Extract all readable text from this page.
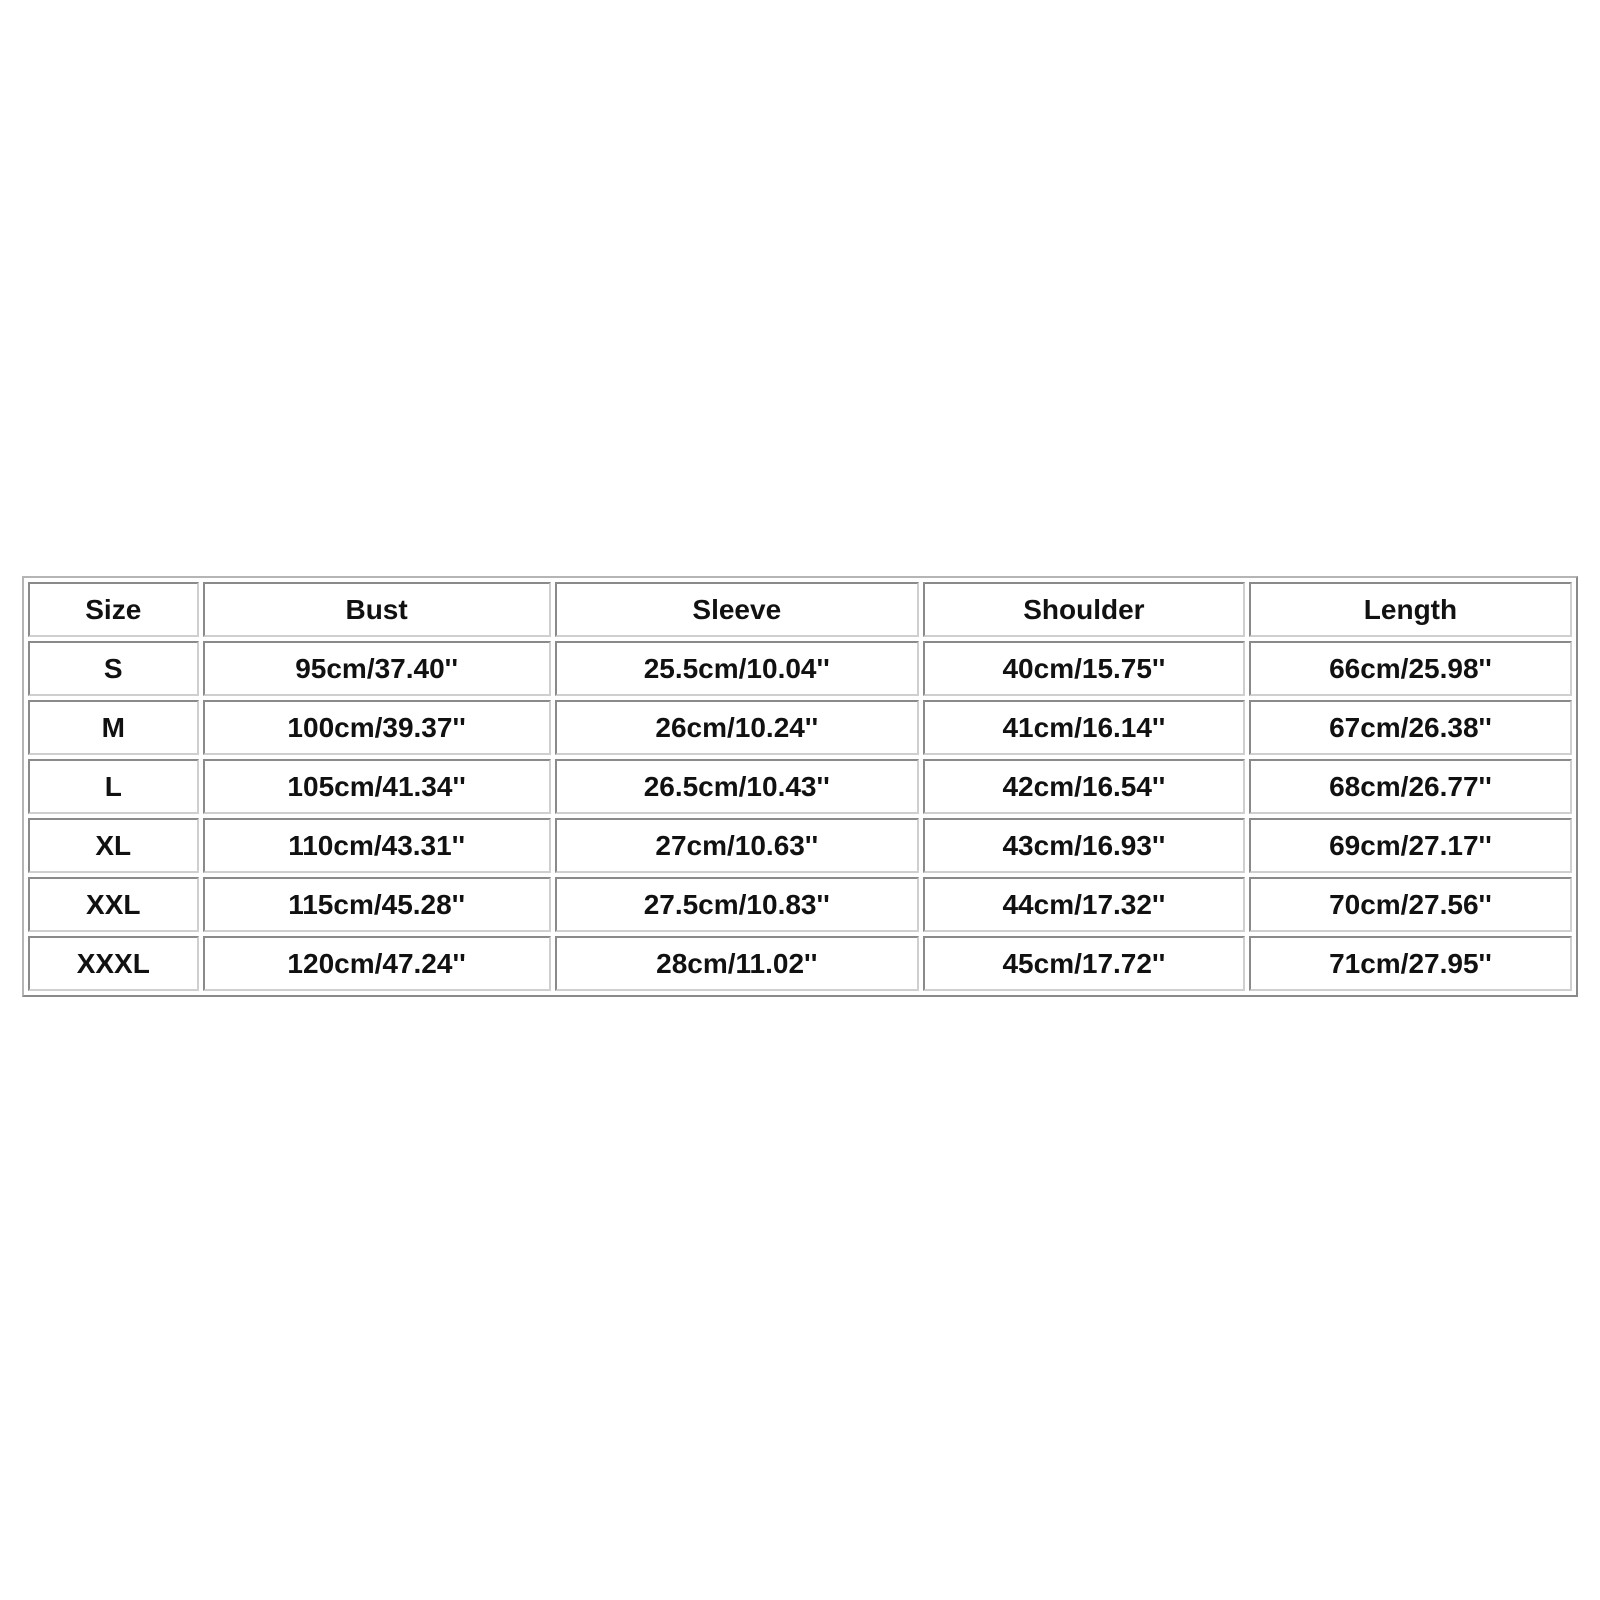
Size	Bust	Sleeve	Shoulder	Length
S	95cm/37.40''	25.5cm/10.04''	40cm/15.75''	66cm/25.98''
M	100cm/39.37''	26cm/10.24''	41cm/16.14''	67cm/26.38''
L	105cm/41.34''	26.5cm/10.43''	42cm/16.54''	68cm/26.77''
XL	110cm/43.31''	27cm/10.63''	43cm/16.93''	69cm/27.17''
XXL	115cm/45.28''	27.5cm/10.83''	44cm/17.32''	70cm/27.56''
XXXL	120cm/47.24''	28cm/11.02''	45cm/17.72''	71cm/27.95''
